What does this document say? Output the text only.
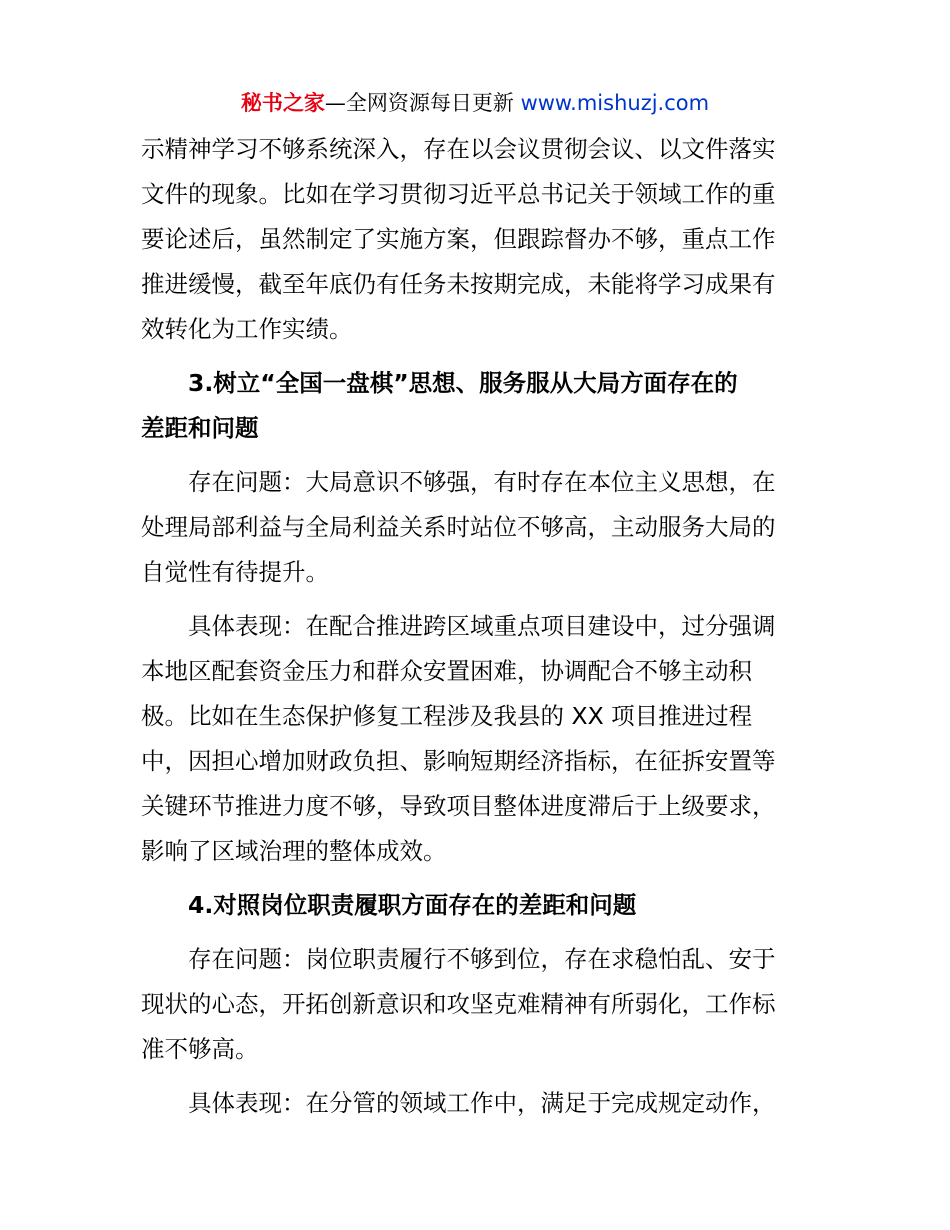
秘书之家—全网资源每日更新 www.mishuzj.com
示精神学习不够系统深入，存在以会议贯彻会议、以文件落实
文件的现象。比如在学习贯彻习近平总书记关于领域工作的重
要论述后，虽然制定了实施方案，但跟踪督办不够，重点工作
推进缓慢，截至年底仍有任务未按期完成，未能将学习成果有
效转化为工作实绩。
3.树立“全国一盘棋”思想、服务服从大局方面存在的
差距和问题
存在问题：大局意识不够强，有时存在本位主义思想，在
处理局部利益与全局利益关系时站位不够高，主动服务大局的
自觉性有待提升。
具体表现：在配合推进跨区域重点项目建设中，过分强调
本地区配套资金压力和群众安置困难，协调配合不够主动积
极。比如在生态保护修复工程涉及我县的 XX 项目推进过程
中，因担心增加财政负担、影响短期经济指标，在征拆安置等
关键环节推进力度不够，导致项目整体进度滞后于上级要求，
影响了区域治理的整体成效。
4.对照岗位职责履职方面存在的差距和问题
存在问题：岗位职责履行不够到位，存在求稳怕乱、安于
现状的心态，开拓创新意识和攻坚克难精神有所弱化，工作标
准不够高。
具体表现：在分管的领域工作中，满足于完成规定动作，
